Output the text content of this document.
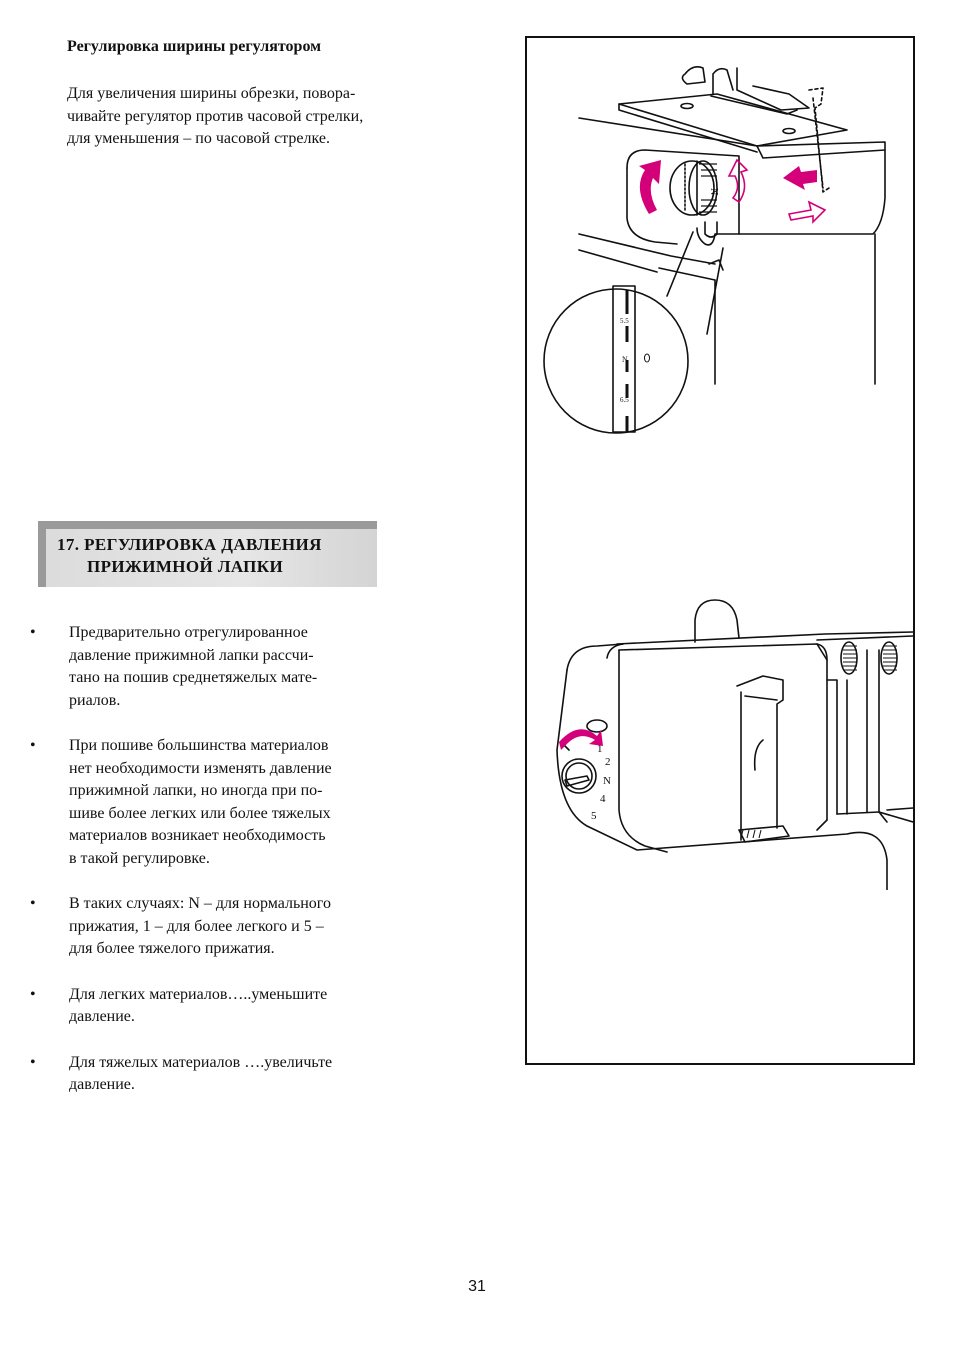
Регулировка ширины регулятором
Для увеличения ширины обрезки, повора-
чивайте регулятор против часовой стрелки,
для уменьшения – по часовой стрелке.
17. РЕГУЛИРОВКА ДАВЛЕНИЯ
ПРИЖИМНОЙ ЛАПКИ
• Предварительно отрегулированное
давление прижимной лапки рассчи-
тано на пошив среднетяжелых мате-
риалов.
• При пошиве большинства материалов
нет необходимости изменять давление
прижимной лапки, но иногда при по-
шиве более легких или более тяжелых
материалов возникает необходимость
в такой регулировке.
• В таких случаях: N – для нормального
прижатия, 1 – для более легкого и 5 –
для более тяжелого прижатия.
• Для легких материалов…..уменьшите
давление.
• Для тяжелых материалов ….увеличьте
давление.
N
5.5
N
6.5
1
2
N
4
5
31
